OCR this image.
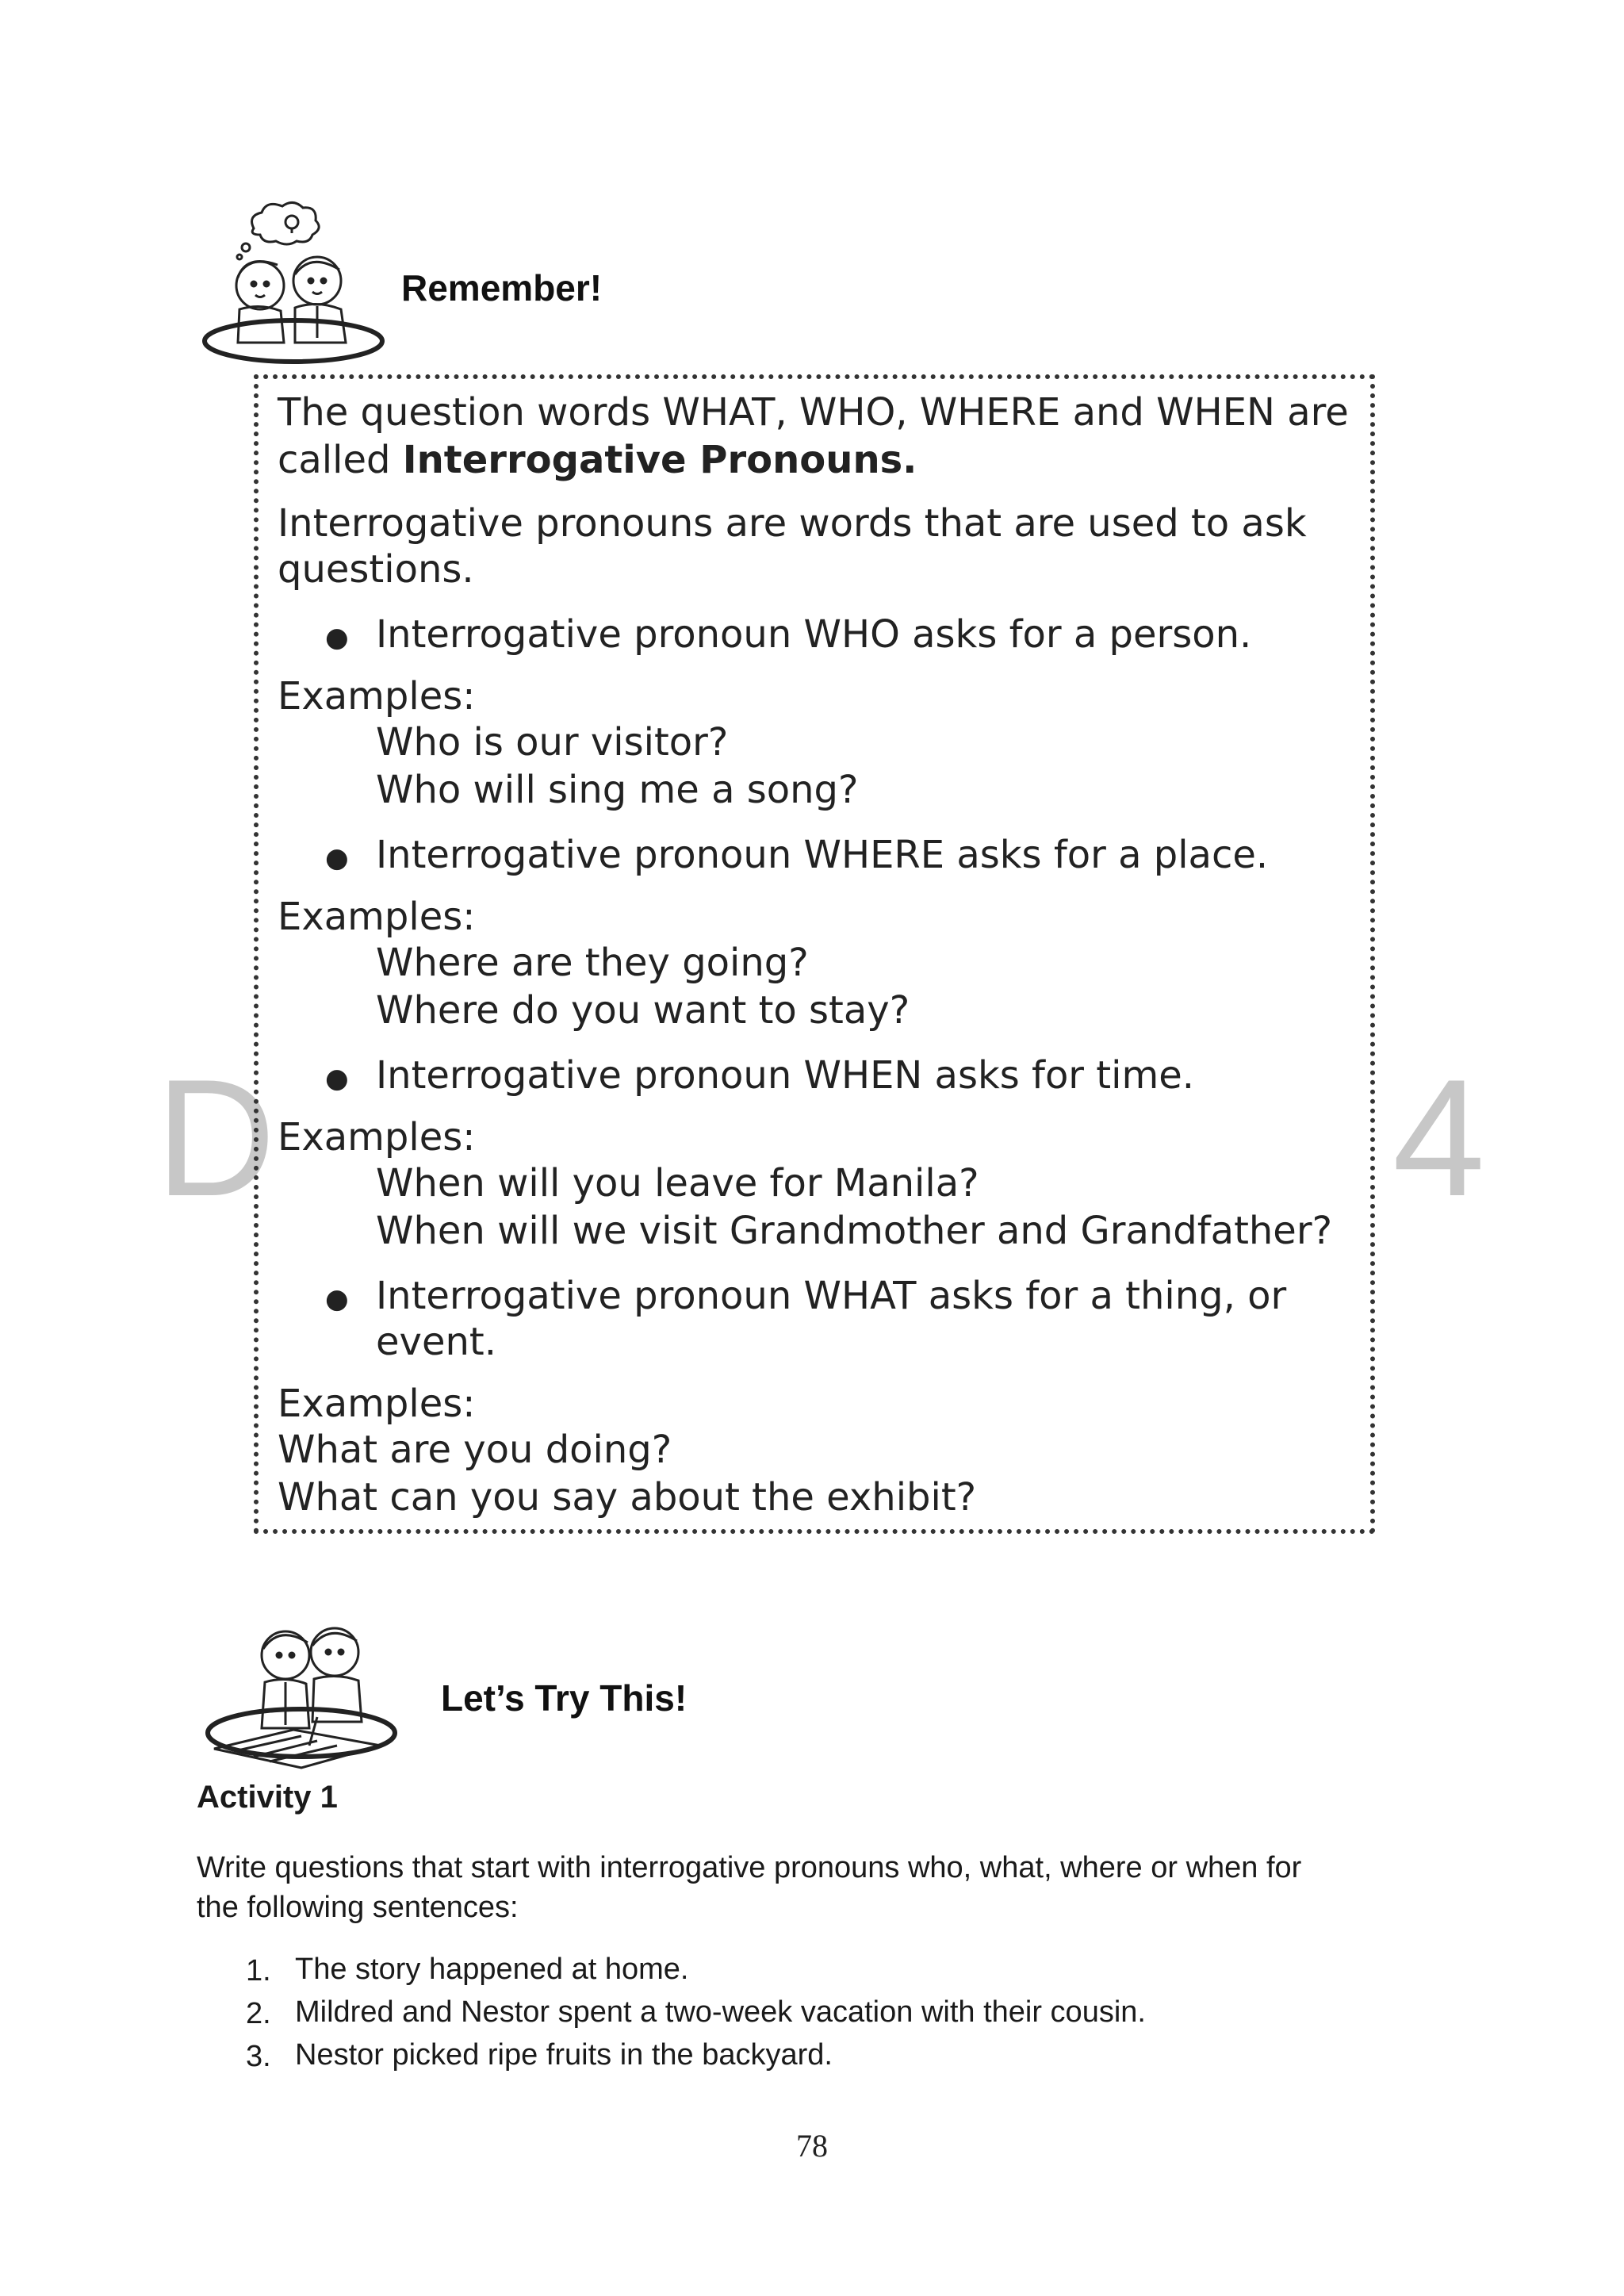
D	4
Remember!
The question words WHAT, WHO, WHERE and WHEN are
called Interrogative Pronouns.
Interrogative pronouns are words that are used to ask
questions.
● Interrogative pronoun WHO asks for a person.
Examples:
Who is our visitor?
Who will sing me a song?
● Interrogative pronoun WHERE asks for a place.
Examples:
Where are they going?
Where do you want to stay?
● Interrogative pronoun WHEN asks for time.
Examples:
When will you leave for Manila?
When will we visit Grandmother and Grandfather?
● Interrogative pronoun WHAT asks for a thing, or
event.
Examples:
What are you doing?
What can you say about the exhibit?
Let’s Try This!
Activity 1
Write questions that start with interrogative pronouns who, what, where or when for
the following sentences:
1. The story happened at home.
2. Mildred and Nestor spent a two-week vacation with their cousin.
3. Nestor picked ripe fruits in the backyard.
78
